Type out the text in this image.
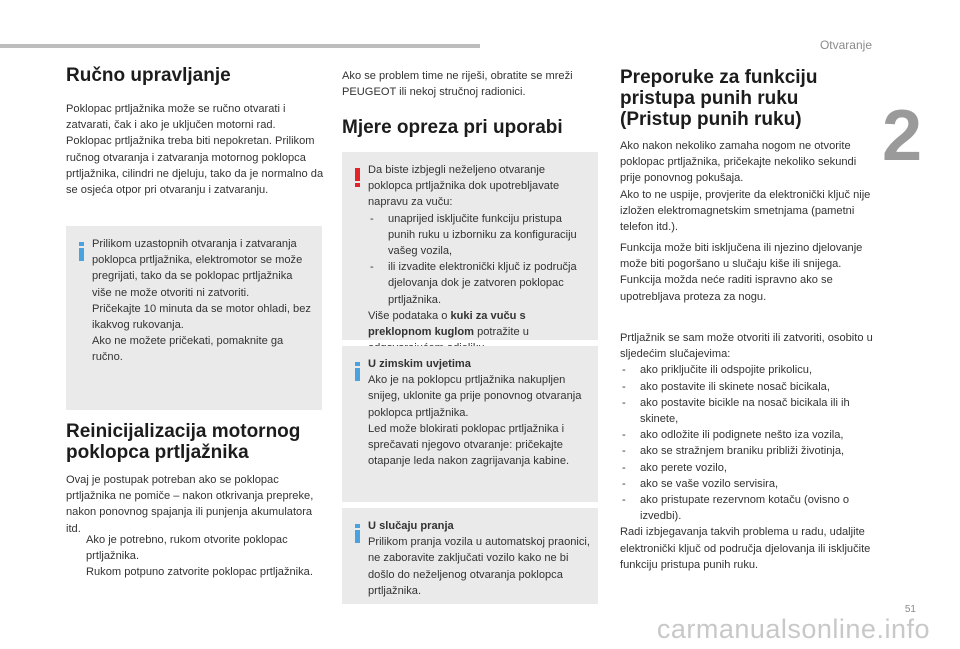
Otvaranje
2
51
carmanualsonline.info
Ručno upravljanje

Poklopac prtljažnika može se ručno otvarati i zatvarati, čak i ako je uključen motorni rad. Poklopac prtljažnika treba biti nepokretan. Prilikom ručnog otvaranja i zatvaranja motornog poklopca prtljažnika, cilindri ne djeluju, tako da je normalno da se osjeća otpor pri otvaranju i zatvaranju.

Prilikom uzastopnih otvaranja i zatvaranja poklopca prtljažnika, elektromotor se može pregrijati, tako da se poklopac prtljažnika više ne može otvoriti ni zatvoriti.
Pričekajte 10 minuta da se motor ohladi, bez ikakvog rukovanja.
Ako ne možete pričekati, pomaknite ga ručno.

Reinicijalizacija motornog poklopca prtljažnika

Ovaj je postupak potreban ako se poklopac prtljažnika ne pomiče – nakon otkrivanja prepreke, nakon ponovnog spajanja ili punjenja akumulatora itd.

Ako je potrebno, rukom otvorite poklopac prtljažnika.
Rukom potpuno zatvorite poklopac prtljažnika.

Ako se problem time ne riješi, obratite se mreži PEUGEOT ili nekoj stručnoj radionici.

Mjere opreza pri uporabi

Da biste izbjegli neželjeno otvaranje poklopca prtljažnika dok upotrebljavate napravu za vuču:

- unaprijed isključite funkciju pristupa punih ruku u izborniku za konfiguraciju vašeg vozila,
- ili izvadite elektronički ključ iz područja djelovanja dok je zatvoren poklopac prtljažnika.

Više podataka o kuki za vuču s preklopnom kuglom potražite u

U zimskim uvjetima

Ako je na poklopcu prtljažnika nakupljen snijeg, uklonite ga prije ponovnog otvaranja poklopca prtljažnika.
Led može blokirati poklopac prtljažnika i sprečavati njegovo otvaranje: pričekajte otapanje leda nakon zagrijavanja kabine.

U slučaju pranja

Prilikom pranja vozila u automatskoj praonici, ne zaboravite zaključati vozilo kako ne bi došlo do neželjenog otvaranja poklopca prtljažnika.

Preporuke za funkciju pristupa punih ruku (Pristup punih ruku)

Ako nakon nekoliko zamaha nogom ne otvorite poklopac prtljažnika, pričekajte nekoliko sekundi prije ponovnog pokušaja.
Ako to ne uspije, provjerite da elektronički ključ nije izložen elektromagnetskim smetnjama (pametni telefon itd.).

Funkcija može biti isključena ili njezino djelovanje može biti pogoršano u slučaju kiše ili snijega.
Funkcija možda neće raditi ispravno ako se upotrebljava proteza za nogu.

Prtljažnik se sam može otvoriti ili zatvoriti, osobito u sljedećim slučajevima:

- ako priključite ili odspojite prikolicu,
- ako postavite ili skinete nosač bicikala,
- ako postavite bicikle na nosač bicikala ili ih skinete,
- ako odložite ili podignete nešto iza vozila,
- ako se stražnjem braniku približi životinja,
- ako perete vozilo,
- ako se vaše vozilo servisira,
- ako pristupate rezervnom kotaču (ovisno o izvedbi).

Radi izbjegavanja takvih problema u radu, udaljite elektronički ključ od područja djelovanja ili isključite funkciju pristupa punih ruku.
